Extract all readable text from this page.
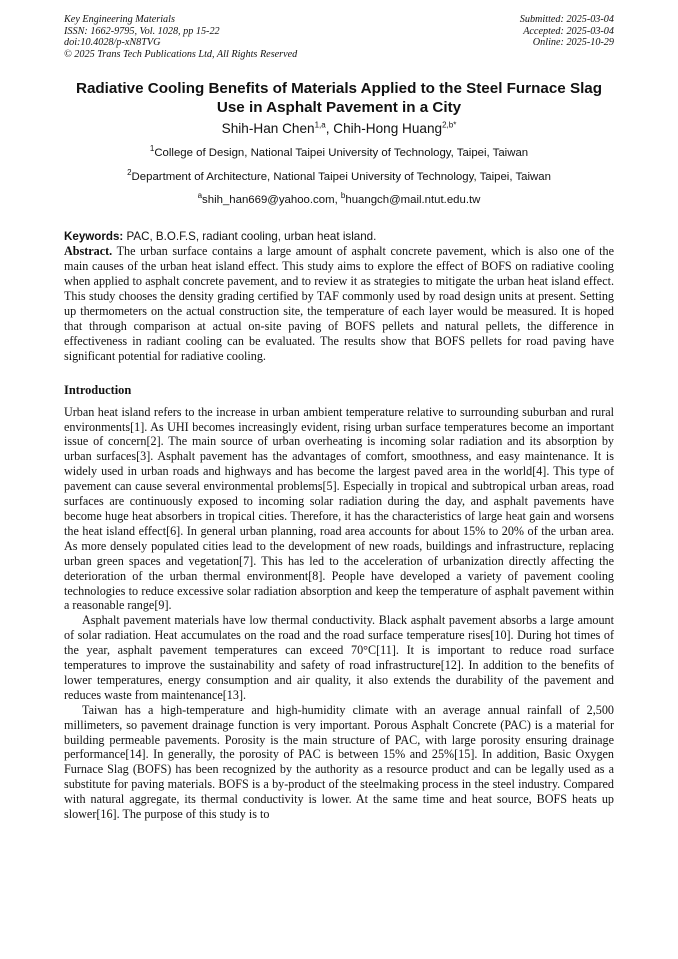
Key Engineering Materials
ISSN: 1662-9795, Vol. 1028, pp 15-22
doi:10.4028/p-xN8TVG
© 2025 Trans Tech Publications Ltd, All Rights Reserved
Submitted: 2025-03-04
Accepted: 2025-03-04
Online: 2025-10-29
Radiative Cooling Benefits of Materials Applied to the Steel Furnace Slag Use in Asphalt Pavement in a City
Shih-Han Chen$^{1,a}$, Chih-Hong Huang$^{2,b*}$
$^1$College of Design, National Taipei University of Technology, Taipei, Taiwan
$^2$Department of Architecture, National Taipei University of Technology, Taipei, Taiwan
$^a$shih_han669@yahoo.com, $^b$huangch@mail.ntut.edu.tw
Keywords: PAC, B.O.F.S, radiant cooling, urban heat island.

Abstract. The urban surface contains a large amount of asphalt concrete pavement, which is also one of the main causes of the urban heat island effect. This study aims to explore the effect of BOFS on radiative cooling when applied to asphalt concrete pavement, and to review it as strategies to mitigate the urban heat island effect. This study chooses the density grading certified by TAF commonly used by road design units at present. Setting up thermometers on the actual construction site, the temperature of each layer would be measured. It is hoped that through comparison at actual on-site paving of BOFS pellets and natural pellets, the difference in effectiveness in radiant cooling can be evaluated. The results show that BOFS pellets for road paving have significant potential for radiative cooling.

Introduction

Urban heat island refers to the increase in urban ambient temperature relative to surrounding suburban and rural environments[1]. As UHI becomes increasingly evident, rising urban surface temperatures become an important issue of concern[2]. The main source of urban overheating is incoming solar radiation and its absorption by urban surfaces[3]. Asphalt pavement has the advantages of comfort, smoothness, and easy maintenance. It is widely used in urban roads and highways and has become the largest paved area in the world[4]. This type of pavement can cause several environmental problems[5]. Especially in tropical and subtropical urban areas, road surfaces are continuously exposed to incoming solar radiation during the day, and asphalt pavements have become huge heat absorbers in tropical cities. Therefore, it has the characteristics of large heat gain and worsens the heat island effect[6]. In general urban planning, road area accounts for about 15% to 20% of the urban area. As more densely populated cities lead to the development of new roads, buildings and infrastructure, replacing urban green spaces and vegetation[7]. This has led to the acceleration of urbanization directly affecting the deterioration of the urban thermal environment[8]. People have developed a variety of pavement cooling technologies to reduce excessive solar radiation absorption and keep the temperature of asphalt pavement within a reasonable range[9].

Asphalt pavement materials have low thermal conductivity. Black asphalt pavement absorbs a large amount of solar radiation. Heat accumulates on the road and the road surface temperature rises[10]. During hot times of the year, asphalt pavement temperatures can exceed 70°C[11]. It is important to reduce road surface temperatures to improve the sustainability and safety of road infrastructure[12]. In addition to the benefits of lower temperatures, energy consumption and air quality, it also extends the durability of the pavement and reduces waste from maintenance[13].

Taiwan has a high-temperature and high-humidity climate with an average annual rainfall of 2,500 millimeters, so pavement drainage function is very important. Porous Asphalt Concrete (PAC) is a material for building permeable pavements. Porosity is the main structure of PAC, with large porosity ensuring drainage performance[14]. In generally, the porosity of PAC is between 15% and 25%[15]. In addition, Basic Oxygen Furnace Slag (BOFS) has been recognized by the authority as a resource product and can be legally used as a substitute for paving materials. BOFS is a by-product of the steelmaking process in the steel industry. Compared with natural aggregate, its thermal conductivity is lower. At the same time and heat source, BOFS heats up slower[16]. The purpose of this study is to
